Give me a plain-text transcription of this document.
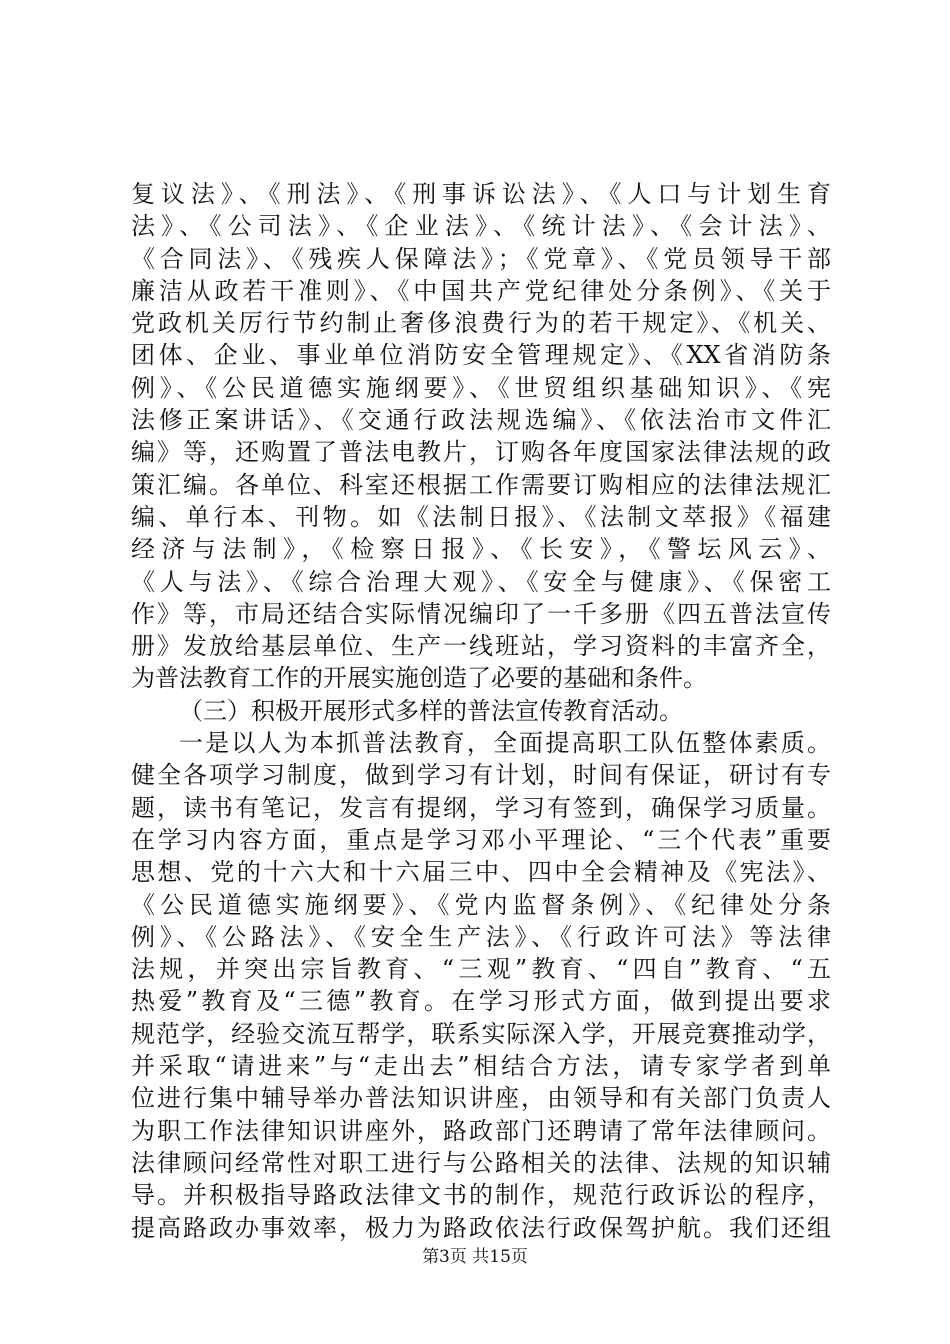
复议法》、《刑法》、《刑事诉讼法》、《人口与计划生育
法》、《公司法》、《企业法》、《统计法》、《会计法》、
《合同法》、《残疾人保障法》；《党章》、《党员领导干部
廉洁从政若干准则》、《中国共产党纪律处分条例》、《关于
党政机关厉行节约制止奢侈浪费行为的若干规定》、《机关、
团体、企业、事业单位消防安全管理规定》、《XX省消防条
例》、《公民道德实施纲要》、《世贸组织基础知识》、《宪
法修正案讲话》、《交通行政法规选编》、《依法治市文件汇
编》等，还购置了普法电教片，订购各年度国家法律法规的政
策汇编。各单位、科室还根据工作需要订购相应的法律法规汇
编、单行本、刊物。如《法制日报》、《法制文萃报》《福建
经济与法制》，《检察日报》、《长安》，《警坛风云》、
《人与法》、《综合治理大观》、《安全与健康》、《保密工
作》等，市局还结合实际情况编印了一千多册《四五普法宣传
册》发放给基层单位、生产一线班站，学习资料的丰富齐全，
为普法教育工作的开展实施创造了必要的基础和条件。
（三）积极开展形式多样的普法宣传教育活动。
一是以人为本抓普法教育，全面提高职工队伍整体素质。
健全各项学习制度，做到学习有计划，时间有保证，研讨有专
题，读书有笔记，发言有提纲，学习有签到，确保学习质量。
在学习内容方面，重点是学习邓小平理论、“三个代表”重要
思想、党的十六大和十六届三中、四中全会精神及《宪法》、
《公民道德实施纲要》、《党内监督条例》、《纪律处分条
例》、《公路法》、《安全生产法》、《行政许可法》等法律
法规，并突出宗旨教育、“三观”教育、“四自”教育、“五
热爱”教育及“三德”教育。在学习形式方面，做到提出要求
规范学，经验交流互帮学，联系实际深入学，开展竞赛推动学，
并采取“请进来”与“走出去”相结合方法，请专家学者到单
位进行集中辅导举办普法知识讲座，由领导和有关部门负责人
为职工作法律知识讲座外，路政部门还聘请了常年法律顾问。
法律顾问经常性对职工进行与公路相关的法律、法规的知识辅
导。并积极指导路政法律文书的制作，规范行政诉讼的程序，
提高路政办事效率，极力为路政依法行政保驾护航。我们还组
第3页 共15页
